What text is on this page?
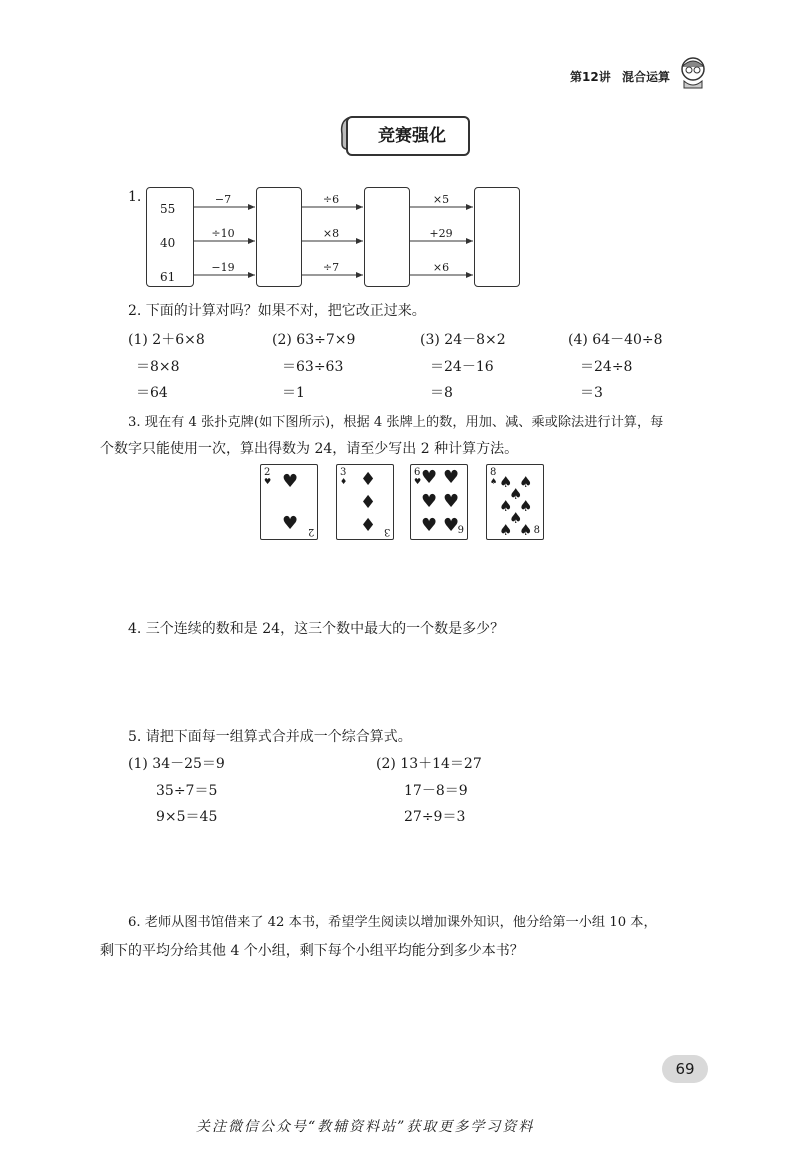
第12讲 混合运算
竞赛强化
1.
55
40
61
−7
÷10
−19
÷6
×8
÷7
×5
+29
×6
2. 下面的计算对吗？如果不对，把它改正过来。
(1) 2＋6×8
＝8×8
＝64
(2) 63÷7×9
＝63÷63
＝1
(3) 24－8×2
＝24－16
＝8
(4) 64－40÷8
＝24÷8
＝3
3. 现在有 4 张扑克牌(如下图所示)，根据 4 张牌上的数，用加、减、乘或除法进行计算，每
个数字只能使用一次，算出得数为 24，请至少写出 2 种计算方法。
2
♥ ♥
♥ 2
3
♦ ♦
♦
♦ 3
6
♥ ♥ ♥
♥ ♥
♥ ♥
9
8
♠ ♠ ♠
♠
♠ ♠
♠
♠ ♠ 8
4. 三个连续的数和是 24，这三个数中最大的一个数是多少？
5. 请把下面每一组算式合并成一个综合算式。
(1) 34－25＝9
35÷7＝5
9×5＝45
(2) 13＋14＝27
17－8＝9
27÷9＝3
6. 老师从图书馆借来了 42 本书，希望学生阅读以增加课外知识，他分给第一小组 10 本，
剩下的平均分给其他 4 个小组，剩下每个小组平均能分到多少本书？
69
关注微信公众号“教辅资料站”获取更多学习资料
